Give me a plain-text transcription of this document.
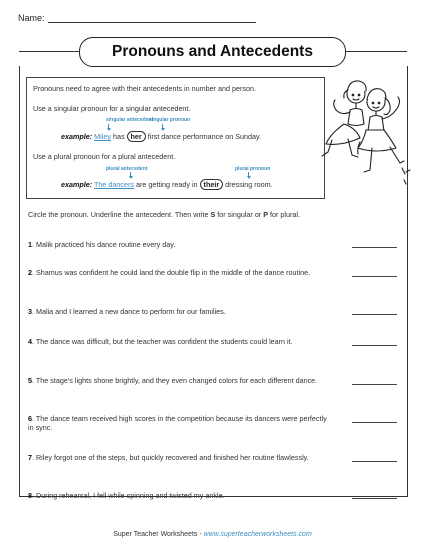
Name:
Pronouns and Antecedents
Pronouns need to agree with their antecedents in number and person.
Use a singular pronoun for a singular antecedent.
singular antecedent
singular pronoun
example: Miley has her first dance performance on Sunday.
Use a plural pronoun for a plural antecedent.
plural antecedent	plural pronoun
example: The dancers are getting ready in their dressing room.
Circle the pronoun. Underline the antecedent. Then write S for singular or P for plural.
1. Malik practiced his dance routine every day.
2. Shamus was confident he could land the double flip in the middle of the dance routine.
3. Malia and I learned a new dance to perform for our families.
4. The dance was difficult, but the teacher was confident the students could learn it.
5. The stage’s lights shone brightly, and they even changed colors for each different dance.
6. The dance team received high scores in the competition because its dancers were perfectly in sync.
7. Riley forgot one of the steps, but quickly recovered and finished her routine flawlessly.
8. During rehearsal, I fell while spinning and twisted my ankle.
Super Teacher Worksheets - www.superteacherworksheets.com
